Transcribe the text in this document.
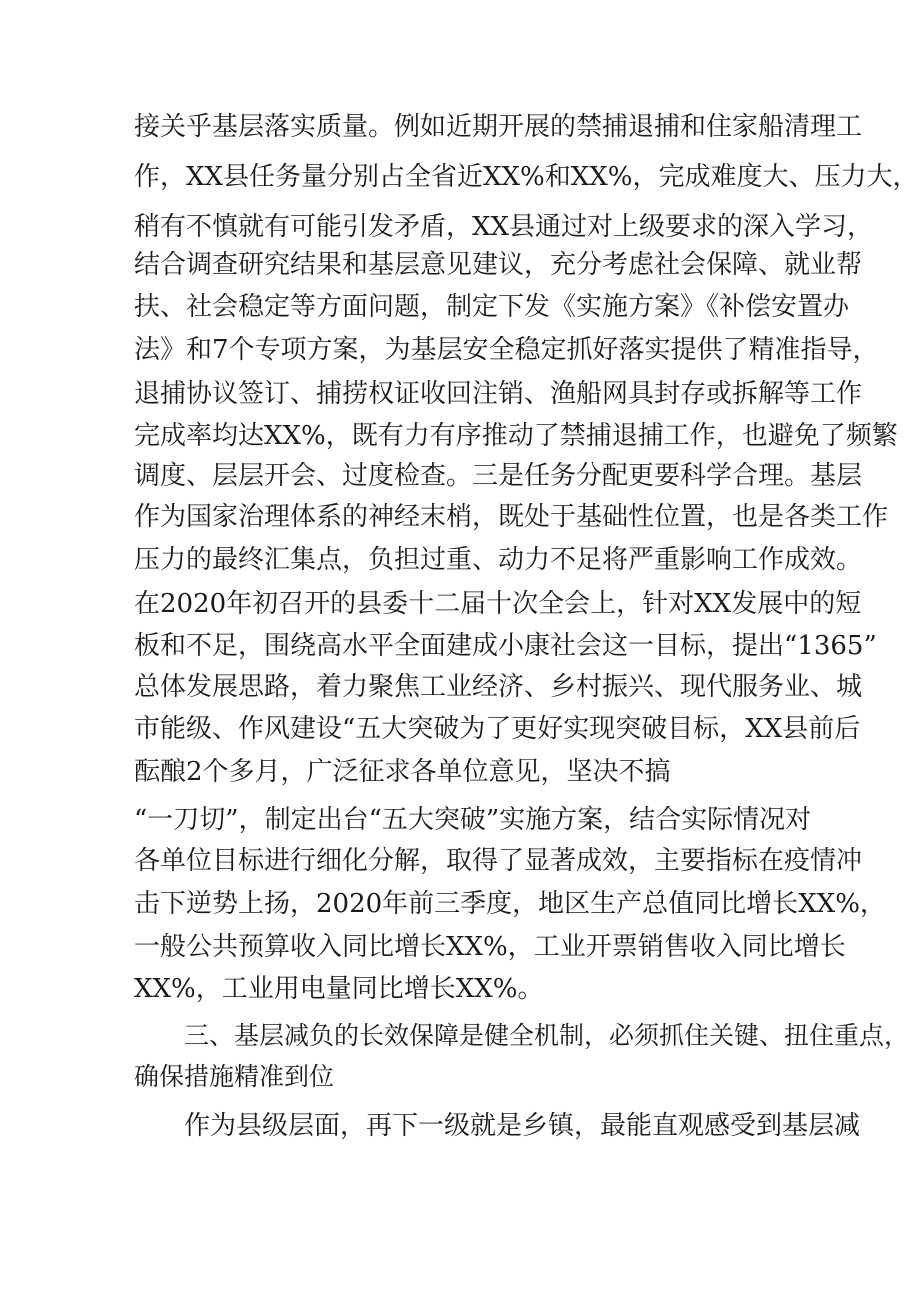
接关乎基层落实质量。例如近期开展的禁捕退捕和住家船清理工
作，XX县任务量分别占全省近XX%和XX%，完成难度大、压力大，
稍有不慎就有可能引发矛盾，XX县通过对上级要求的深入学习，
结合调查研究结果和基层意见建议，充分考虑社会保障、就业帮
扶、社会稳定等方面问题，制定下发《实施方案》《补偿安置办
法》和7个专项方案，为基层安全稳定抓好落实提供了精准指导，
退捕协议签订、捕捞权证收回注销、渔船网具封存或拆解等工作
完成率均达XX%，既有力有序推动了禁捕退捕工作，也避免了频繁
调度、层层开会、过度检查。三是任务分配更要科学合理。基层
作为国家治理体系的神经末梢，既处于基础性位置，也是各类工作
压力的最终汇集点，负担过重、动力不足将严重影响工作成效。
在2020年初召开的县委十二届十次全会上，针对XX发展中的短
板和不足，围绕高水平全面建成小康社会这一目标，提出“1365”
总体发展思路，着力聚焦工业经济、乡村振兴、现代服务业、城
市能级、作风建设“五大突破为了更好实现突破目标，XX县前后
酝酿2个多月，广泛征求各单位意见，坚决不搞
“一刀切”，制定出台“五大突破”实施方案，结合实际情况对
各单位目标进行细化分解，取得了显著成效，主要指标在疫情冲
击下逆势上扬，2020年前三季度，地区生产总值同比增长XX%，
一般公共预算收入同比增长XX%，工业开票销售收入同比增长
XX%，工业用电量同比增长XX%。
三、基层减负的长效保障是健全机制，必须抓住关键、扭住重点，
确保措施精准到位
作为县级层面，再下一级就是乡镇，最能直观感受到基层减
